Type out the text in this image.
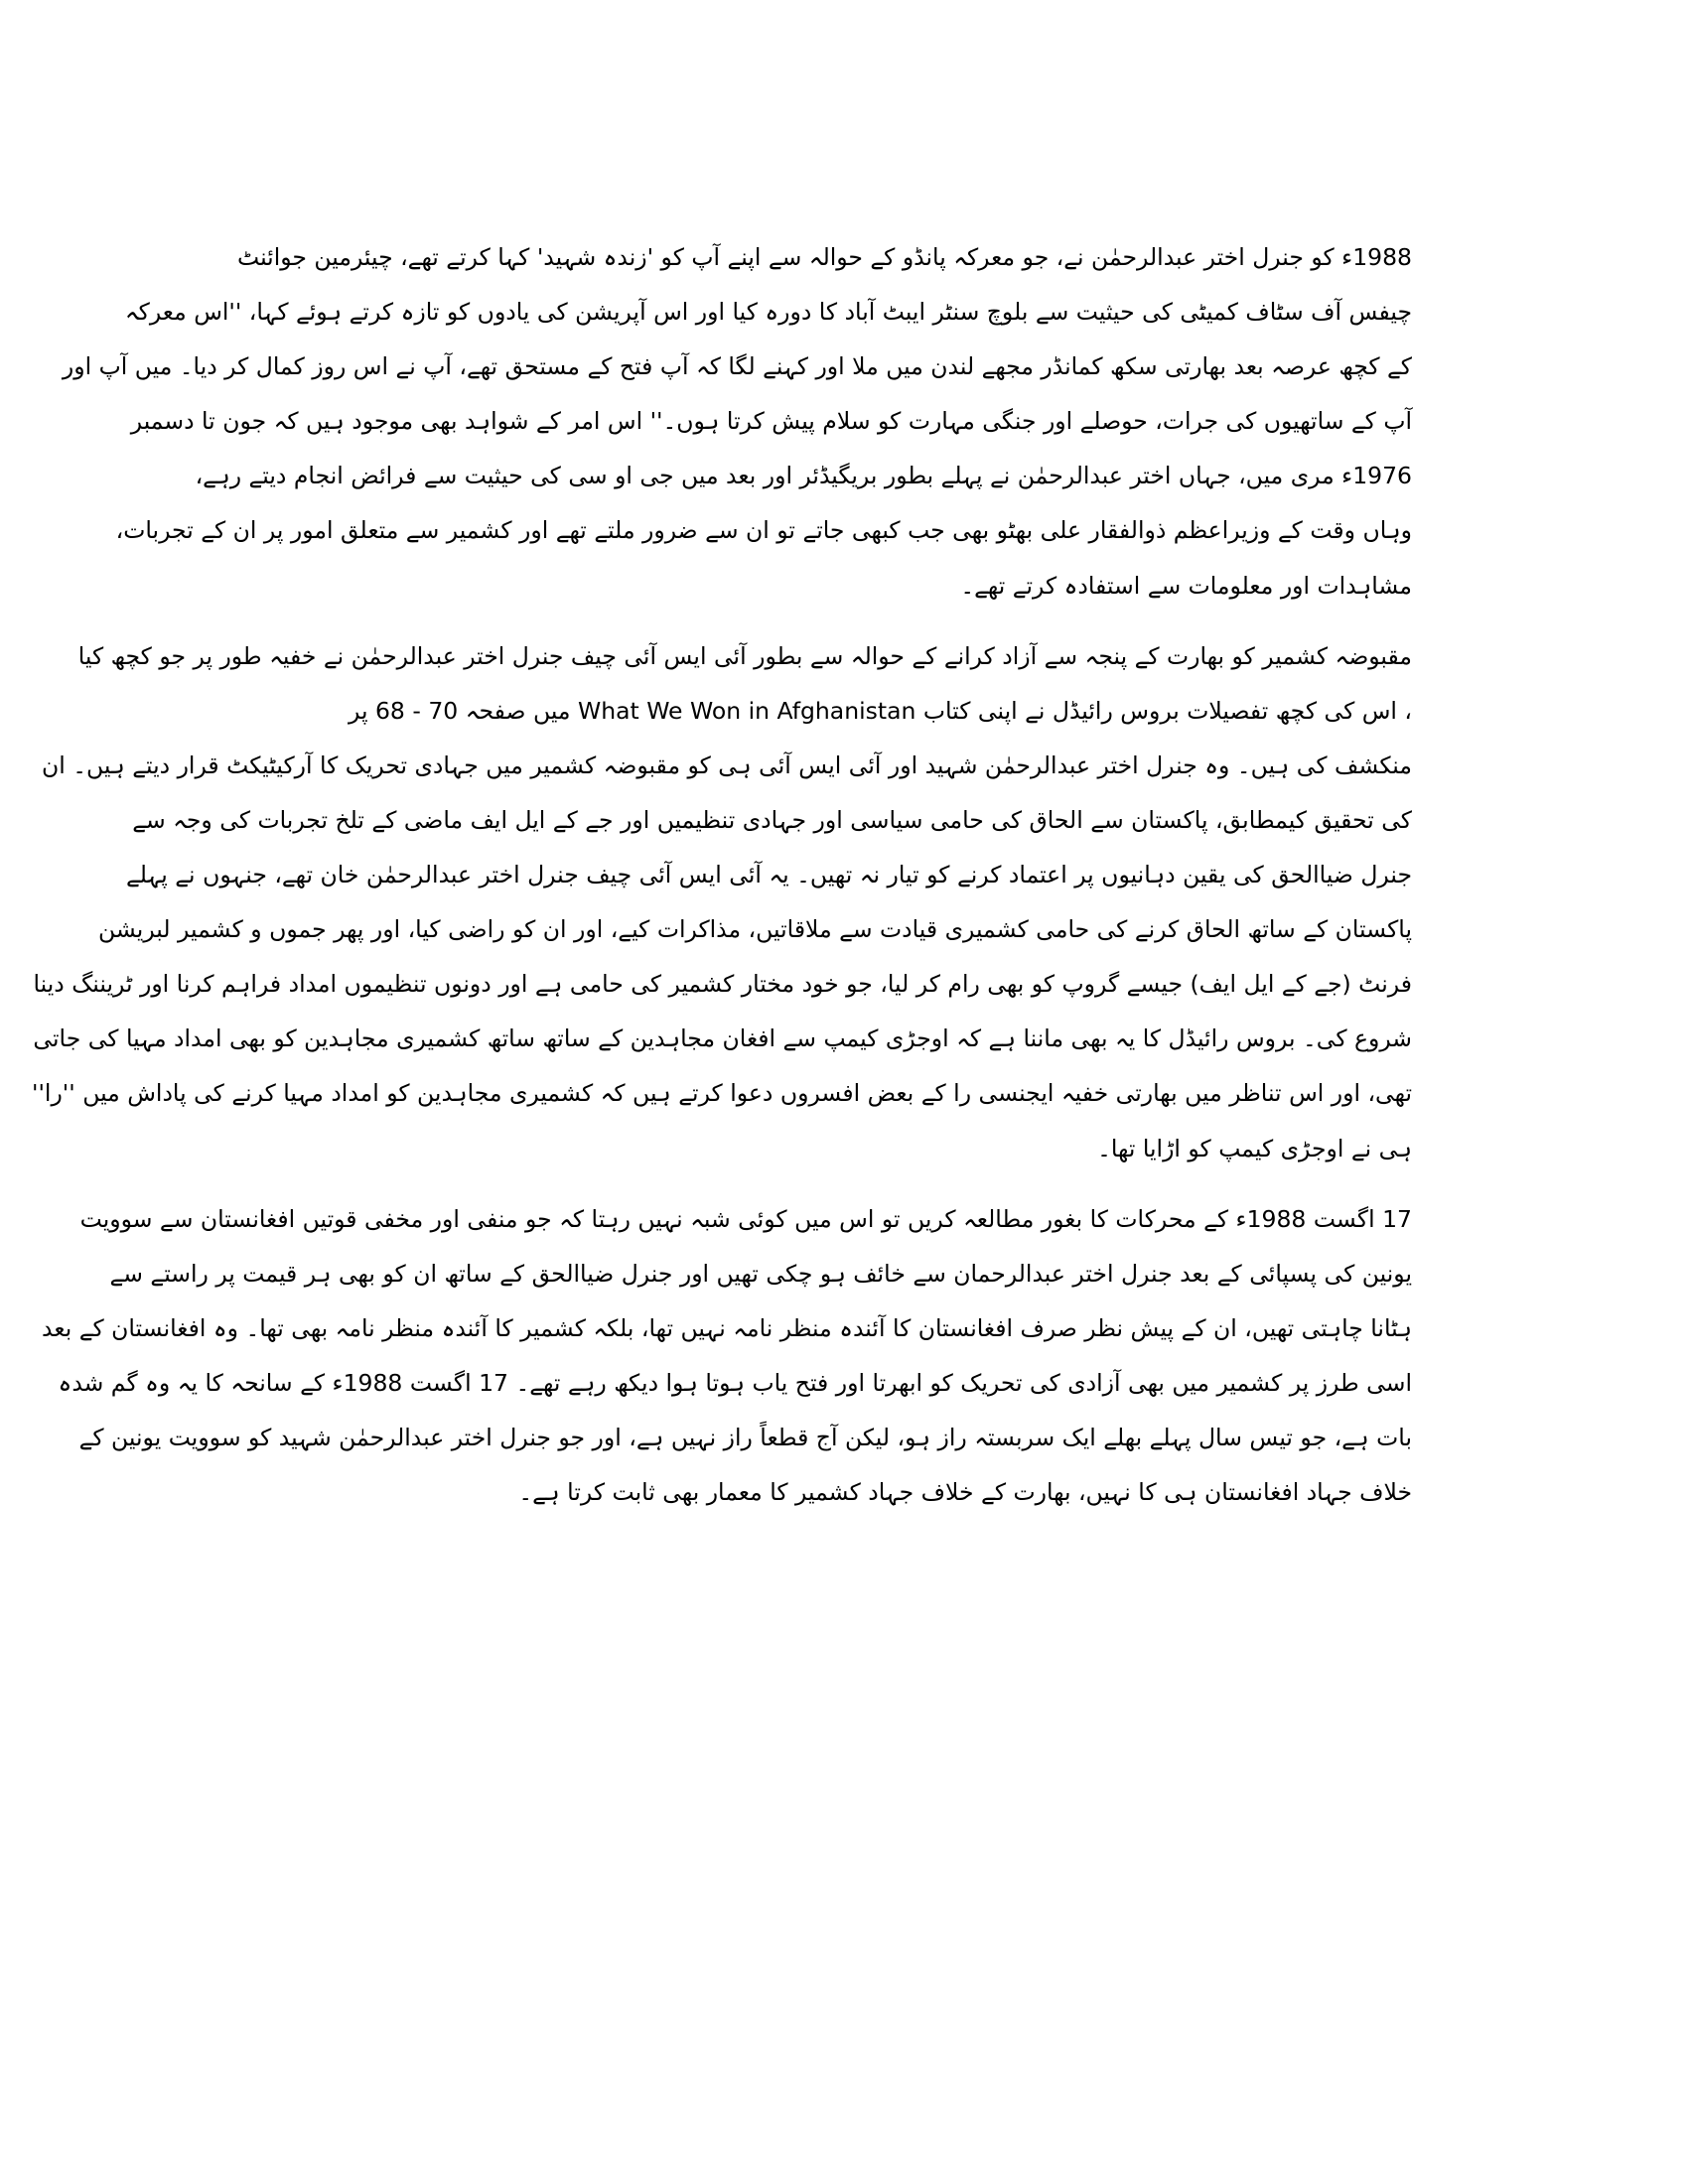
1988ء کو جنرل اختر عبدالرحمٰن نے، جو معرکہ پانڈو کے حوالہ سے اپنے آپ کو 'زندہ شہید' کہا کرتے تھے، چیئرمین جوائنٹ
چیفس آف سٹاف کمیٹی کی حیثیت سے بلوچ سنٹر ایبٹ آباد کا دورہ کیا اور اس آپریشن کی یادوں کو تازہ کرتے ہوئے کہا، ''اس معرکہ
کے کچھ عرصہ بعد بھارتی سکھ کمانڈر مجھے لندن میں ملا اور کہنے لگا کہ آپ فتح کے مستحق تھے، آپ نے اس روز کمال کر دیا۔ میں آپ اور
آپ کے ساتھیوں کی جرات، حوصلے اور جنگی مہارت کو سلام پیش کرتا ہوں۔'' اس امر کے شواہد بھی موجود ہیں کہ جون تا دسمبر
1976ء مری میں، جہاں اختر عبدالرحمٰن نے پہلے بطور بریگیڈئر اور بعد میں جی او سی کی حیثیت سے فرائض انجام دیتے رہے،
وہاں وقت کے وزیراعظم ذوالفقار علی بھٹو بھی جب کبھی جاتے تو ان سے ضرور ملتے تھے اور کشمیر سے متعلق امور پر ان کے تجربات،
مشاہدات اور معلومات سے استفادہ کرتے تھے۔
مقبوضہ کشمیر کو بھارت کے پنجہ سے آزاد کرانے کے حوالہ سے بطور آئی ایس آئی چیف جنرل اختر عبدالرحمٰن نے خفیہ طور پر جو کچھ کیا
، اس کی کچھ تفصیلات بروس رائیڈل نے اپنی کتاب What We Won in Afghanistan میں صفحہ 70 - 68 پر
منکشف کی ہیں۔ وہ جنرل اختر عبدالرحمٰن شہید اور آئی ایس آئی ہی کو مقبوضہ کشمیر میں جہادی تحریک کا آرکیٹیکٹ قرار دیتے ہیں۔ ان
کی تحقیق کیمطابق، پاکستان سے الحاق کی حامی سیاسی اور جہادی تنظیمیں اور جے کے ایل ایف ماضی کے تلخ تجربات کی وجہ سے
جنرل ضیاالحق کی یقین دہانیوں پر اعتماد کرنے کو تیار نہ تھیں۔ یہ آئی ایس آئی چیف جنرل اختر عبدالرحمٰن خان تھے، جنہوں نے پہلے
پاکستان کے ساتھ الحاق کرنے کی حامی کشمیری قیادت سے ملاقاتیں، مذاکرات کیے، اور ان کو راضی کیا، اور پھر جموں و کشمیر لبریشن
فرنٹ (جے کے ایل ایف) جیسے گروپ کو بھی رام کر لیا، جو خود مختار کشمیر کی حامی ہے اور دونوں تنظیموں امداد فراہم کرنا اور ٹریننگ دینا
شروع کی۔ بروس رائیڈل کا یہ بھی ماننا ہے کہ اوجڑی کیمپ سے افغان مجاہدین کے ساتھ ساتھ کشمیری مجاہدین کو بھی امداد مہیا کی جاتی
تھی، اور اس تناظر میں بھارتی خفیہ ایجنسی را کے بعض افسروں دعوا کرتے ہیں کہ کشمیری مجاہدین کو امداد مہیا کرنے کی پاداش میں ''را''
ہی نے اوجڑی کیمپ کو اڑایا تھا۔
17 اگست 1988ء کے محرکات کا بغور مطالعہ کریں تو اس میں کوئی شبہ نہیں رہتا کہ جو منفی اور مخفی قوتیں افغانستان سے سوویت
یونین کی پسپائی کے بعد جنرل اختر عبدالرحمان سے خائف ہو چکی تھیں اور جنرل ضیاالحق کے ساتھ ان کو بھی ہر قیمت پر راستے سے
ہٹانا چاہتی تھیں، ان کے پیش نظر صرف افغانستان کا آئندہ منظر نامہ نہیں تھا، بلکہ کشمیر کا آئندہ منظر نامہ بھی تھا۔ وہ افغانستان کے بعد
اسی طرز پر کشمیر میں بھی آزادی کی تحریک کو ابھرتا اور فتح یاب ہوتا ہوا دیکھ رہے تھے۔ 17 اگست 1988ء کے سانحہ کا یہ وہ گم شدہ
بات ہے، جو تیس سال پہلے بھلے ایک سربستہ راز ہو، لیکن آج قطعاً راز نہیں ہے، اور جو جنرل اختر عبدالرحمٰن شہید کو سوویت یونین کے
خلاف جہاد افغانستان ہی کا نہیں، بھارت کے خلاف جہاد کشمیر کا معمار بھی ثابت کرتا ہے۔
